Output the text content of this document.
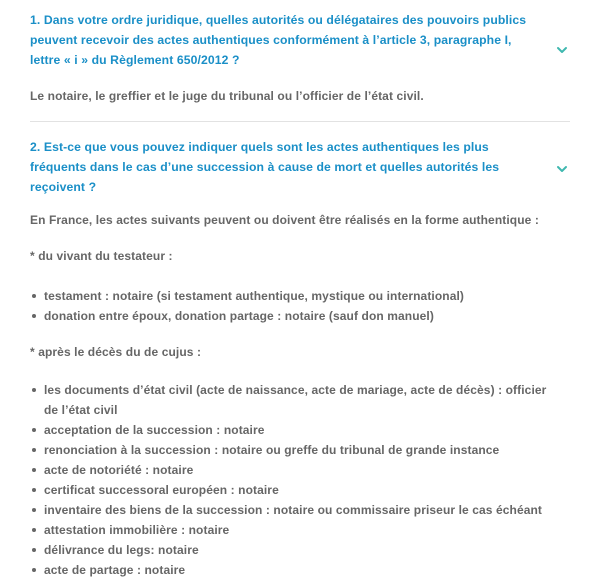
1. Dans votre ordre juridique, quelles autorités ou délégataires des pouvoirs publics peuvent recevoir des actes authentiques conformément à l’article 3, paragraphe I, lettre « i » du Règlement 650/2012 ?

Le notaire, le greffier et le juge du tribunal ou l’officier de l’état civil.

2. Est-ce que vous pouvez indiquer quels sont les actes authentiques les plus fréquents dans le cas d’une succession à cause de mort et quelles autorités les reçoivent ?

En France, les actes suivants peuvent ou doivent être réalisés en la forme authentique :

* du vivant du testateur :

testament : notaire (si testament authentique, mystique ou international)
donation entre époux, donation partage : notaire (sauf don manuel)

* après le décès du de cujus :

les documents d’état civil (acte de naissance, acte de mariage, acte de décès) : officier de l’état civil
acceptation de la succession : notaire
renonciation à la succession : notaire ou greffe du tribunal de grande instance
acte de notoriété : notaire
certificat successoral européen : notaire
inventaire des biens de la succession : notaire ou commissaire priseur le cas échéant
attestation immobilière : notaire
délivrance du legs: notaire
acte de partage : notaire
